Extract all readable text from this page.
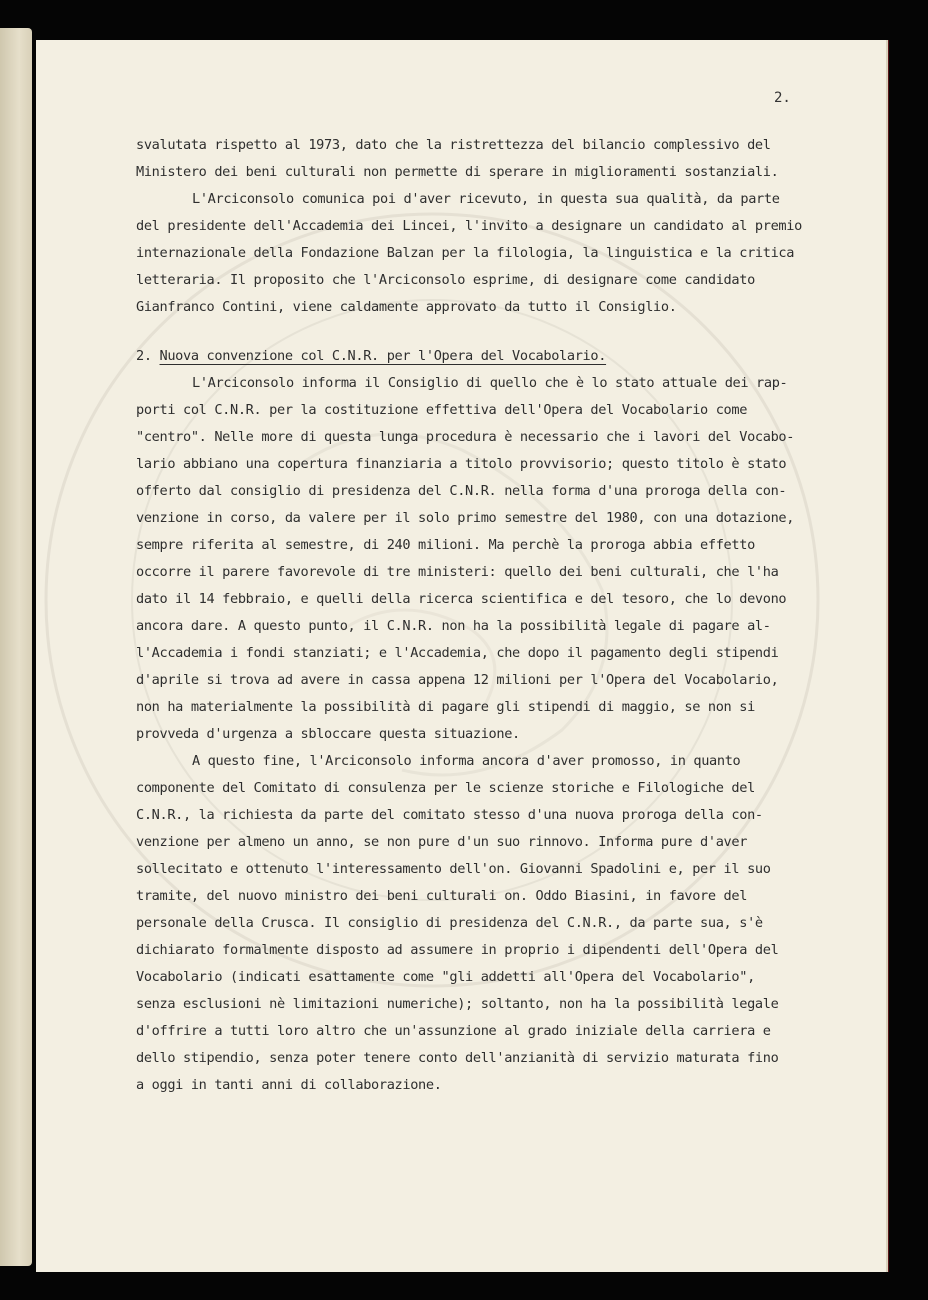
2.
svalutata rispetto al 1973, dato che la ristrettezza del bilancio complessivo del
Ministero dei beni culturali non permette di sperare in miglioramenti sostanziali.
L'Arciconsolo comunica poi d'aver ricevuto, in questa sua qualità, da parte
del presidente dell'Accademia dei Lincei, l'invito a designare un candidato al premio
internazionale della Fondazione Balzan per la filologia, la linguistica e la critica
letteraria. Il proposito che l'Arciconsolo esprime, di designare come candidato
Gianfranco Contini, viene caldamente approvato da tutto il Consiglio.
2. Nuova convenzione col C.N.R. per l'Opera del Vocabolario.
L'Arciconsolo informa il Consiglio di quello che è lo stato attuale dei rap-
porti col C.N.R. per la costituzione effettiva dell'Opera del Vocabolario come
"centro". Nelle more di questa lunga procedura è necessario che i lavori del Vocabo-
lario abbiano una copertura finanziaria a titolo provvisorio; questo titolo è stato
offerto dal consiglio di presidenza del C.N.R. nella forma d'una proroga della con-
venzione in corso, da valere per il solo primo semestre del 1980, con una dotazione,
sempre riferita al semestre, di 240 milioni. Ma perchè la proroga abbia effetto
occorre il parere favorevole di tre ministeri: quello dei beni culturali, che l'ha
dato il 14 febbraio, e quelli della ricerca scientifica e del tesoro, che lo devono
ancora dare. A questo punto, il C.N.R. non ha la possibilità legale di pagare al-
l'Accademia i fondi stanziati; e l'Accademia, che dopo il pagamento degli stipendi
d'aprile si trova ad avere in cassa appena 12 milioni per l'Opera del Vocabolario,
non ha materialmente la possibilità di pagare gli stipendi di maggio, se non si
provveda d'urgenza a sbloccare questa situazione.
A questo fine, l'Arciconsolo informa ancora d'aver promosso, in quanto
componente del Comitato di consulenza per le scienze storiche e Filologiche del
C.N.R., la richiesta da parte del comitato stesso d'una nuova proroga della con-
venzione per almeno un anno, se non pure d'un suo rinnovo. Informa pure d'aver
sollecitato e ottenuto l'interessamento dell'on. Giovanni Spadolini e, per il suo
tramite, del nuovo ministro dei beni culturali on. Oddo Biasini, in favore del
personale della Crusca. Il consiglio di presidenza del C.N.R., da parte sua, s'è
dichiarato formalmente disposto ad assumere in proprio i dipendenti dell'Opera del
Vocabolario (indicati esattamente come "gli addetti all'Opera del Vocabolario",
senza esclusioni nè limitazioni numeriche); soltanto, non ha la possibilità legale
d'offrire a tutti loro altro che un'assunzione al grado iniziale della carriera e
dello stipendio, senza poter tenere conto dell'anzianità di servizio maturata fino
a oggi in tanti anni di collaborazione.
